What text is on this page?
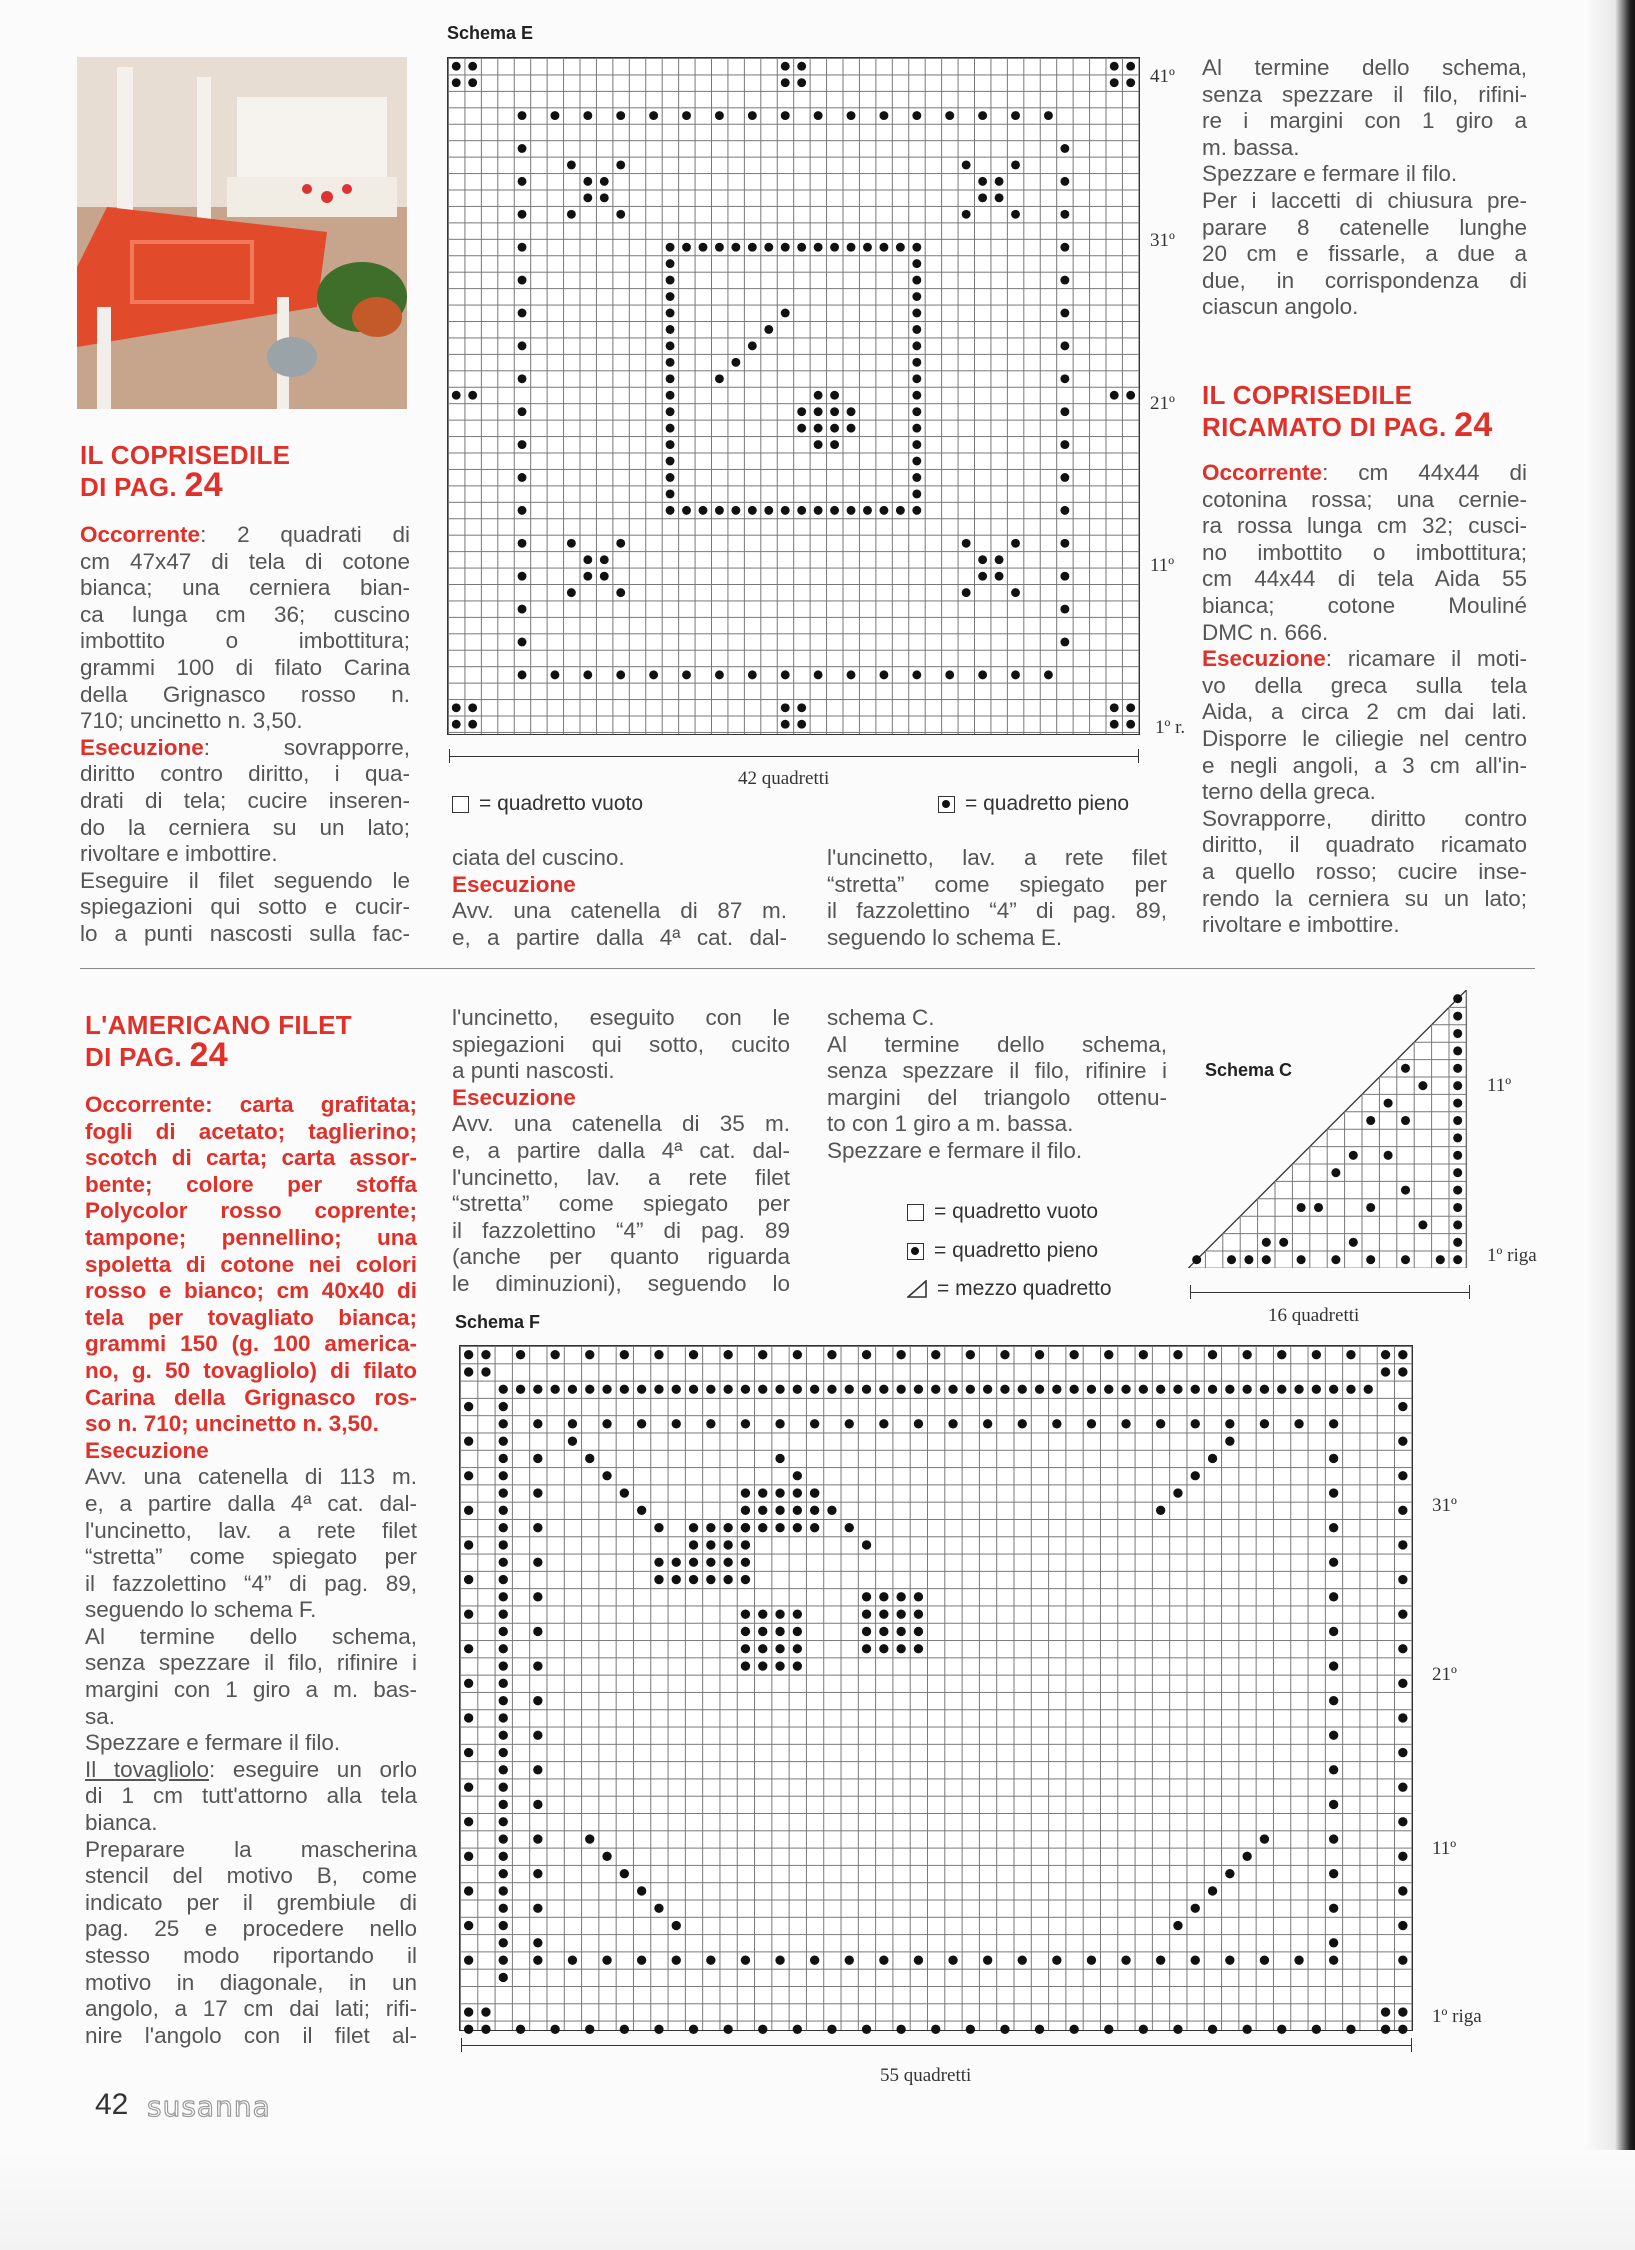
IL COPRISEDILE
DI PAG. 24

Occorrente: 2 quadrati di

cm 47x47 di tela di cotone

bianca; una cerniera bian-

ca lunga cm 36; cuscino

imbottito o imbottitura;

grammi 100 di filato Carina

della Grignasco rosso n.

710; uncinetto n. 3,50.

Esecuzione: sovrapporre,

diritto contro diritto, i qua-

drati di tela; cucire inseren-

do la cerniera su un lato;

rivoltare e imbottire.

Eseguire il filet seguendo le

spiegazioni qui sotto e cucir-

lo a punti nascosti sulla fac-

Schema E
41º
31º
21º
11º
1º r.
42 quadretti
= quadretto vuoto	= quadretto pieno

ciata del cuscino.

Esecuzione

Avv. una catenella di 87 m.

e, a partire dalla 4ª cat. dal-

l'uncinetto, lav. a rete filet

“stretta” come spiegato per

il fazzolettino “4” di pag. 89,

seguendo lo schema E.

Al termine dello schema,

senza spezzare il filo, rifini-

re i margini con 1 giro a

m. bassa.

Spezzare e fermare il filo.

Per i laccetti di chiusura pre-

parare 8 catenelle lunghe

20 cm e fissarle, a due a

due, in corrispondenza di

ciascun angolo.

IL COPRISEDILE
RICAMATO DI PAG. 24

Occorrente: cm 44x44 di

cotonina rossa; una cernie-

ra rossa lunga cm 32; cusci-

no imbottito o imbottitura;

cm 44x44 di tela Aida 55

bianca; cotone Mouliné

DMC n. 666.

Esecuzione: ricamare il moti-

vo della greca sulla tela

Aida, a circa 2 cm dai lati.

Disporre le ciliegie nel centro

e negli angoli, a 3 cm all'in-

terno della greca.

Sovrapporre, diritto contro

diritto, il quadrato ricamato

a quello rosso; cucire inse-

rendo la cerniera su un lato;

rivoltare e imbottire.

L'AMERICANO FILET
DI PAG. 24

Occorrente: carta grafitata;

fogli di acetato; taglierino;

scotch di carta; carta assor-

bente; colore per stoffa

Polycolor rosso coprente;

tampone; pennellino; una

spoletta di cotone nei colori

rosso e bianco; cm 40x40 di

tela per tovagliato bianca;

grammi 150 (g. 100 america-

no, g. 50 tovagliolo) di filato

Carina della Grignasco ros-

so n. 710; uncinetto n. 3,50.

Esecuzione

Avv. una catenella di 113 m.

e, a partire dalla 4ª cat. dal-

l'uncinetto, lav. a rete filet

“stretta” come spiegato per

il fazzolettino “4” di pag. 89,

seguendo lo schema F.

Al termine dello schema,

senza spezzare il filo, rifinire i

margini con 1 giro a m. bas-

sa.

Spezzare e fermare il filo.

Il tovagliolo: eseguire un orlo

di 1 cm tutt'attorno alla tela

bianca.

Preparare la mascherina

stencil del motivo B, come

indicato per il grembiule di

pag. 25 e procedere nello

stesso modo riportando il

motivo in diagonale, in un

angolo, a 17 cm dai lati; rifi-

nire l'angolo con il filet al-

l'uncinetto, eseguito con le

spiegazioni qui sotto, cucito

a punti nascosti.

Esecuzione

Avv. una catenella di 35 m.

e, a partire dalla 4ª cat. dal-

l'uncinetto, lav. a rete filet

“stretta” come spiegato per

il fazzolettino “4” di pag. 89

(anche per quanto riguarda

le diminuzioni), seguendo lo

schema C.

Al termine dello schema,

senza spezzare il filo, rifinire i

margini del triangolo ottenu-

to con 1 giro a m. bassa.

Spezzare e fermare il filo.

= quadretto vuoto
= quadretto pieno
= mezzo quadretto
Schema C
11º
1º riga
16 quadretti
Schema F
31º
21º
11º
1º riga
55 quadretti
42 susanna
